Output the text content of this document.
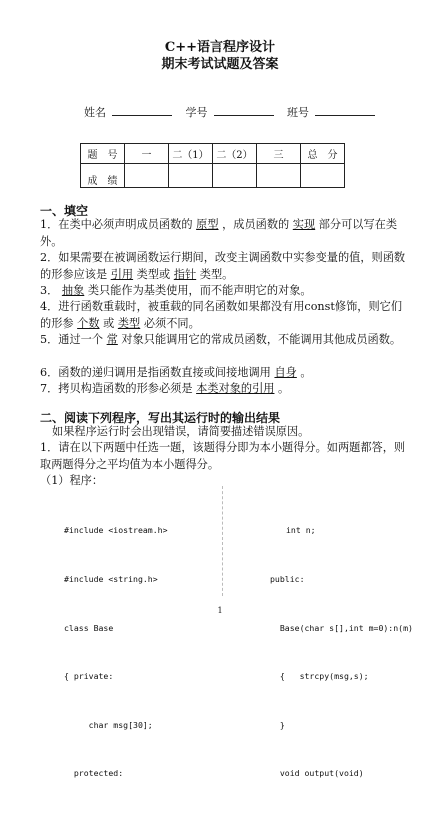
C++语言程序设计
期末考试试题及答案
姓名	学号	班号
题　号	一	二（1）	二（2）	三	总　分
成　绩					
一、填空
1．在类中必须声明成员函数的 原型 ，成员函数的 实现 部分可以写在类外。
2．如果需要在被调函数运行期间，改变主调函数中实参变量的值，则函数的形参应该是 引用 类型或 指针 类型。
3． 抽象 类只能作为基类使用，而不能声明它的对象。
4．进行函数重载时，被重载的同名函数如果都没有用const修饰，则它们的形参 个数 或 类型 必须不同。
5．通过一个 常 对象只能调用它的常成员函数，不能调用其他成员函数。
6．函数的递归调用是指函数直接或间接地调用 自身 。
7．拷贝构造函数的形参必须是 本类对象的引用 。
二、阅读下列程序，写出其运行时的输出结果
如果程序运行时会出现错误，请简要描述错误原因。
1．请在以下两题中任选一题，该题得分即为本小题得分。如两题都答，则取两题得分之平均值为本小题得分。
（1）程序：

#include <iostream.h>

#include <string.h>

class Base

{ private:

char msg[30];

protected:

int n;

public:

Base(char s[],int m=0):n(m)

{   strcpy(msg,s);

}

void output(void)

1
